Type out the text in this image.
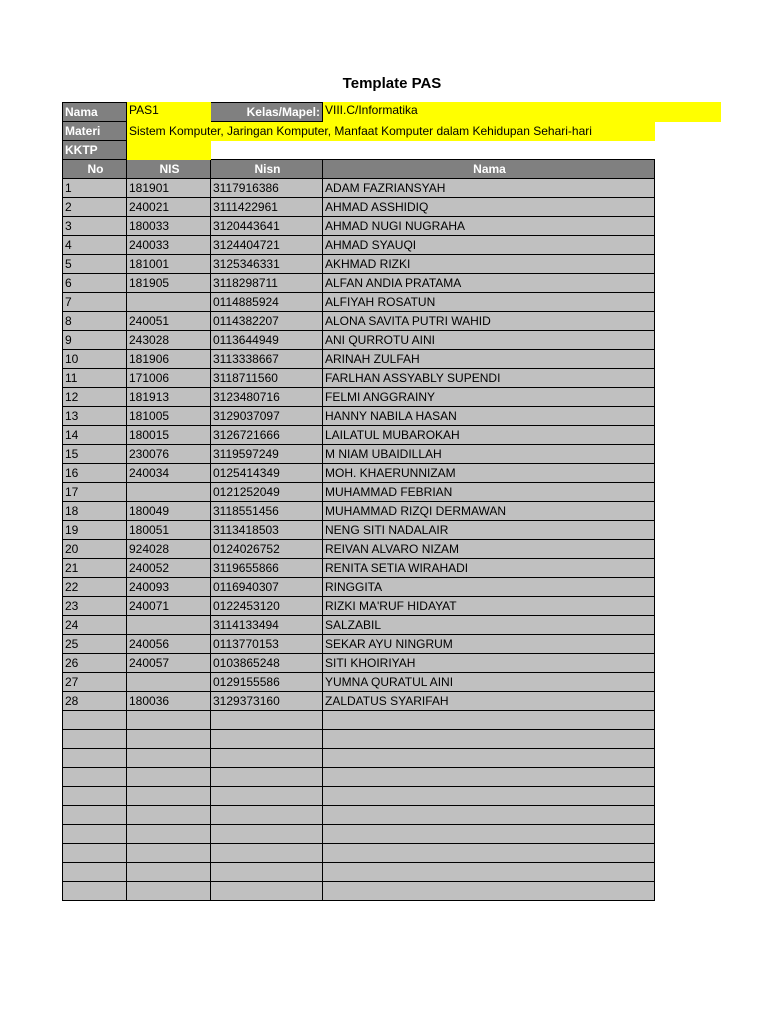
Template PAS
Nama	PAS1	Kelas/Mapel:	VIII.C/Informatika

Materi	Sistem Komputer, Jaringan Komputer, Manfaat Komputer dalam Kehidupan Sehari-hari		
KKTP			
No	NIS	Nisn	Nama
1	181901	3117916386	ADAM FAZRIANSYAH
2	240021	3111422961	AHMAD ASSHIDIQ
3	180033	3120443641	AHMAD NUGI NUGRAHA
4	240033	3124404721	AHMAD SYAUQI
5	181001	3125346331	AKHMAD RIZKI
6	181905	3118298711	ALFAN ANDIA PRATAMA
7		0114885924	ALFIYAH ROSATUN
8	240051	0114382207	ALONA SAVITA PUTRI WAHID
9	243028	0113644949	ANI QURROTU AINI
10	181906	3113338667	ARINAH ZULFAH
11	171006	3118711560	FARLHAN ASSYABLY SUPENDI
12	181913	3123480716	FELMI ANGGRAINY
13	181005	3129037097	HANNY NABILA HASAN
14	180015	3126721666	LAILATUL MUBAROKAH
15	230076	3119597249	M NIAM UBAIDILLAH
16	240034	0125414349	MOH. KHAERUNNIZAM
17		0121252049	MUHAMMAD FEBRIAN
18	180049	3118551456	MUHAMMAD RIZQI DERMAWAN
19	180051	3113418503	NENG SITI NADALAIR
20	924028	0124026752	REIVAN ALVARO NIZAM
21	240052	3119655866	RENITA SETIA WIRAHADI
22	240093	0116940307	RINGGITA
23	240071	0122453120	RIZKI MA'RUF HIDAYAT
24		3114133494	SALZABIL
25	240056	0113770153	SEKAR AYU NINGRUM
26	240057	0103865248	SITI KHOIRIYAH
27		0129155586	YUMNA QURATUL AINI
28	180036	3129373160	ZALDATUS SYARIFAH
